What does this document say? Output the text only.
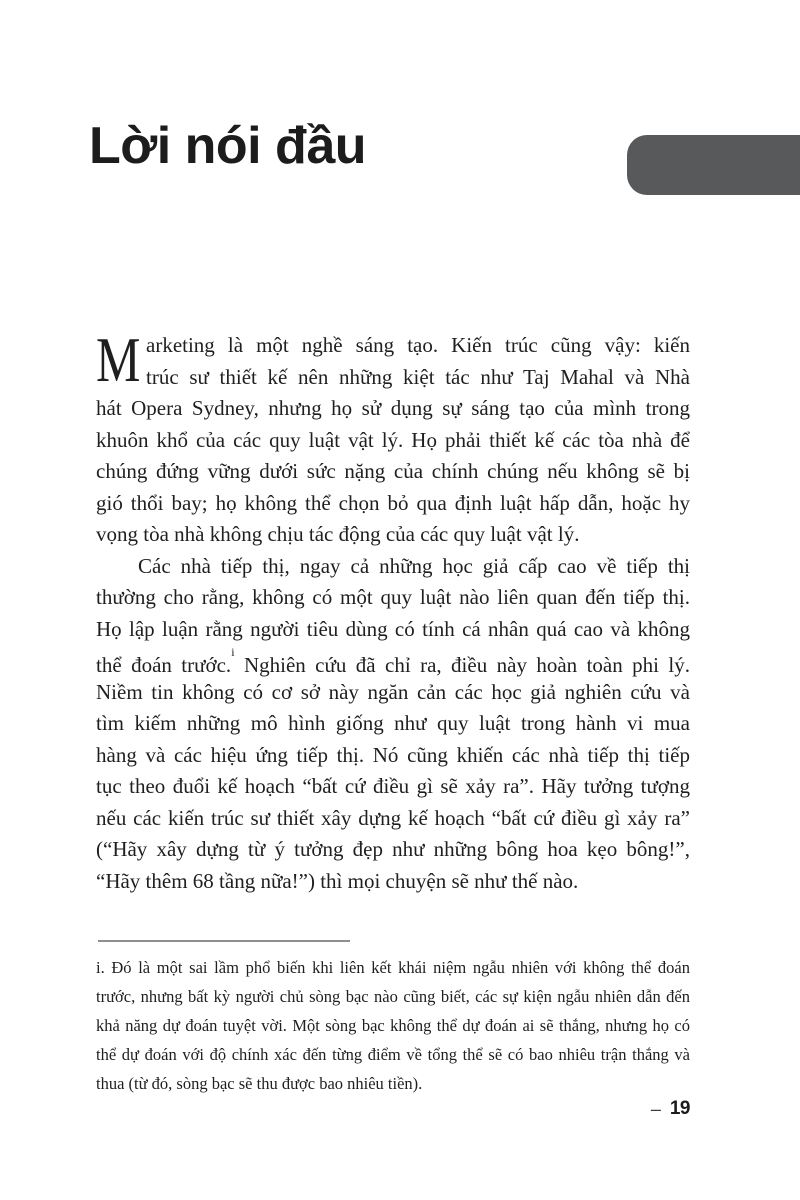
Lời nói đầu
M arketing là một nghề sáng tạo. Kiến trúc cũng vậy: kiến
trúc sư thiết kế nên những kiệt tác như Taj Mahal và Nhà
hát Opera Sydney, nhưng họ sử dụng sự sáng tạo của mình trong
khuôn khổ của các quy luật vật lý. Họ phải thiết kế các tòa nhà để
chúng đứng vững dưới sức nặng của chính chúng nếu không sẽ bị
gió thổi bay; họ không thể chọn bỏ qua định luật hấp dẫn, hoặc hy
vọng tòa nhà không chịu tác động của các quy luật vật lý.
Các nhà tiếp thị, ngay cả những học giả cấp cao về tiếp thị
thường cho rằng, không có một quy luật nào liên quan đến tiếp thị.
Họ lập luận rằng người tiêu dùng có tính cá nhân quá cao và không
thể đoán trước.$^i$ Nghiên cứu đã chỉ ra, điều này hoàn toàn phi lý.
Niềm tin không có cơ sở này ngăn cản các học giả nghiên cứu và
tìm kiếm những mô hình giống như quy luật trong hành vi mua
hàng và các hiệu ứng tiếp thị. Nó cũng khiến các nhà tiếp thị tiếp
tục theo đuổi kế hoạch “bất cứ điều gì sẽ xảy ra”. Hãy tưởng tượng
nếu các kiến trúc sư thiết xây dựng kế hoạch “bất cứ điều gì xảy ra”
(“Hãy xây dựng từ ý tưởng đẹp như những bông hoa kẹo bông!”,
“Hãy thêm 68 tầng nữa!”) thì mọi chuyện sẽ như thế nào.
i. Đó là một sai lầm phổ biến khi liên kết khái niệm ngẫu nhiên với không thể đoán
trước, nhưng bất kỳ người chủ sòng bạc nào cũng biết, các sự kiện ngẫu nhiên dẫn đến
khả năng dự đoán tuyệt vời. Một sòng bạc không thể dự đoán ai sẽ thắng, nhưng họ có
thể dự đoán với độ chính xác đến từng điểm về tổng thể sẽ có bao nhiêu trận thắng và
thua (từ đó, sòng bạc sẽ thu được bao nhiêu tiền).
– 19
